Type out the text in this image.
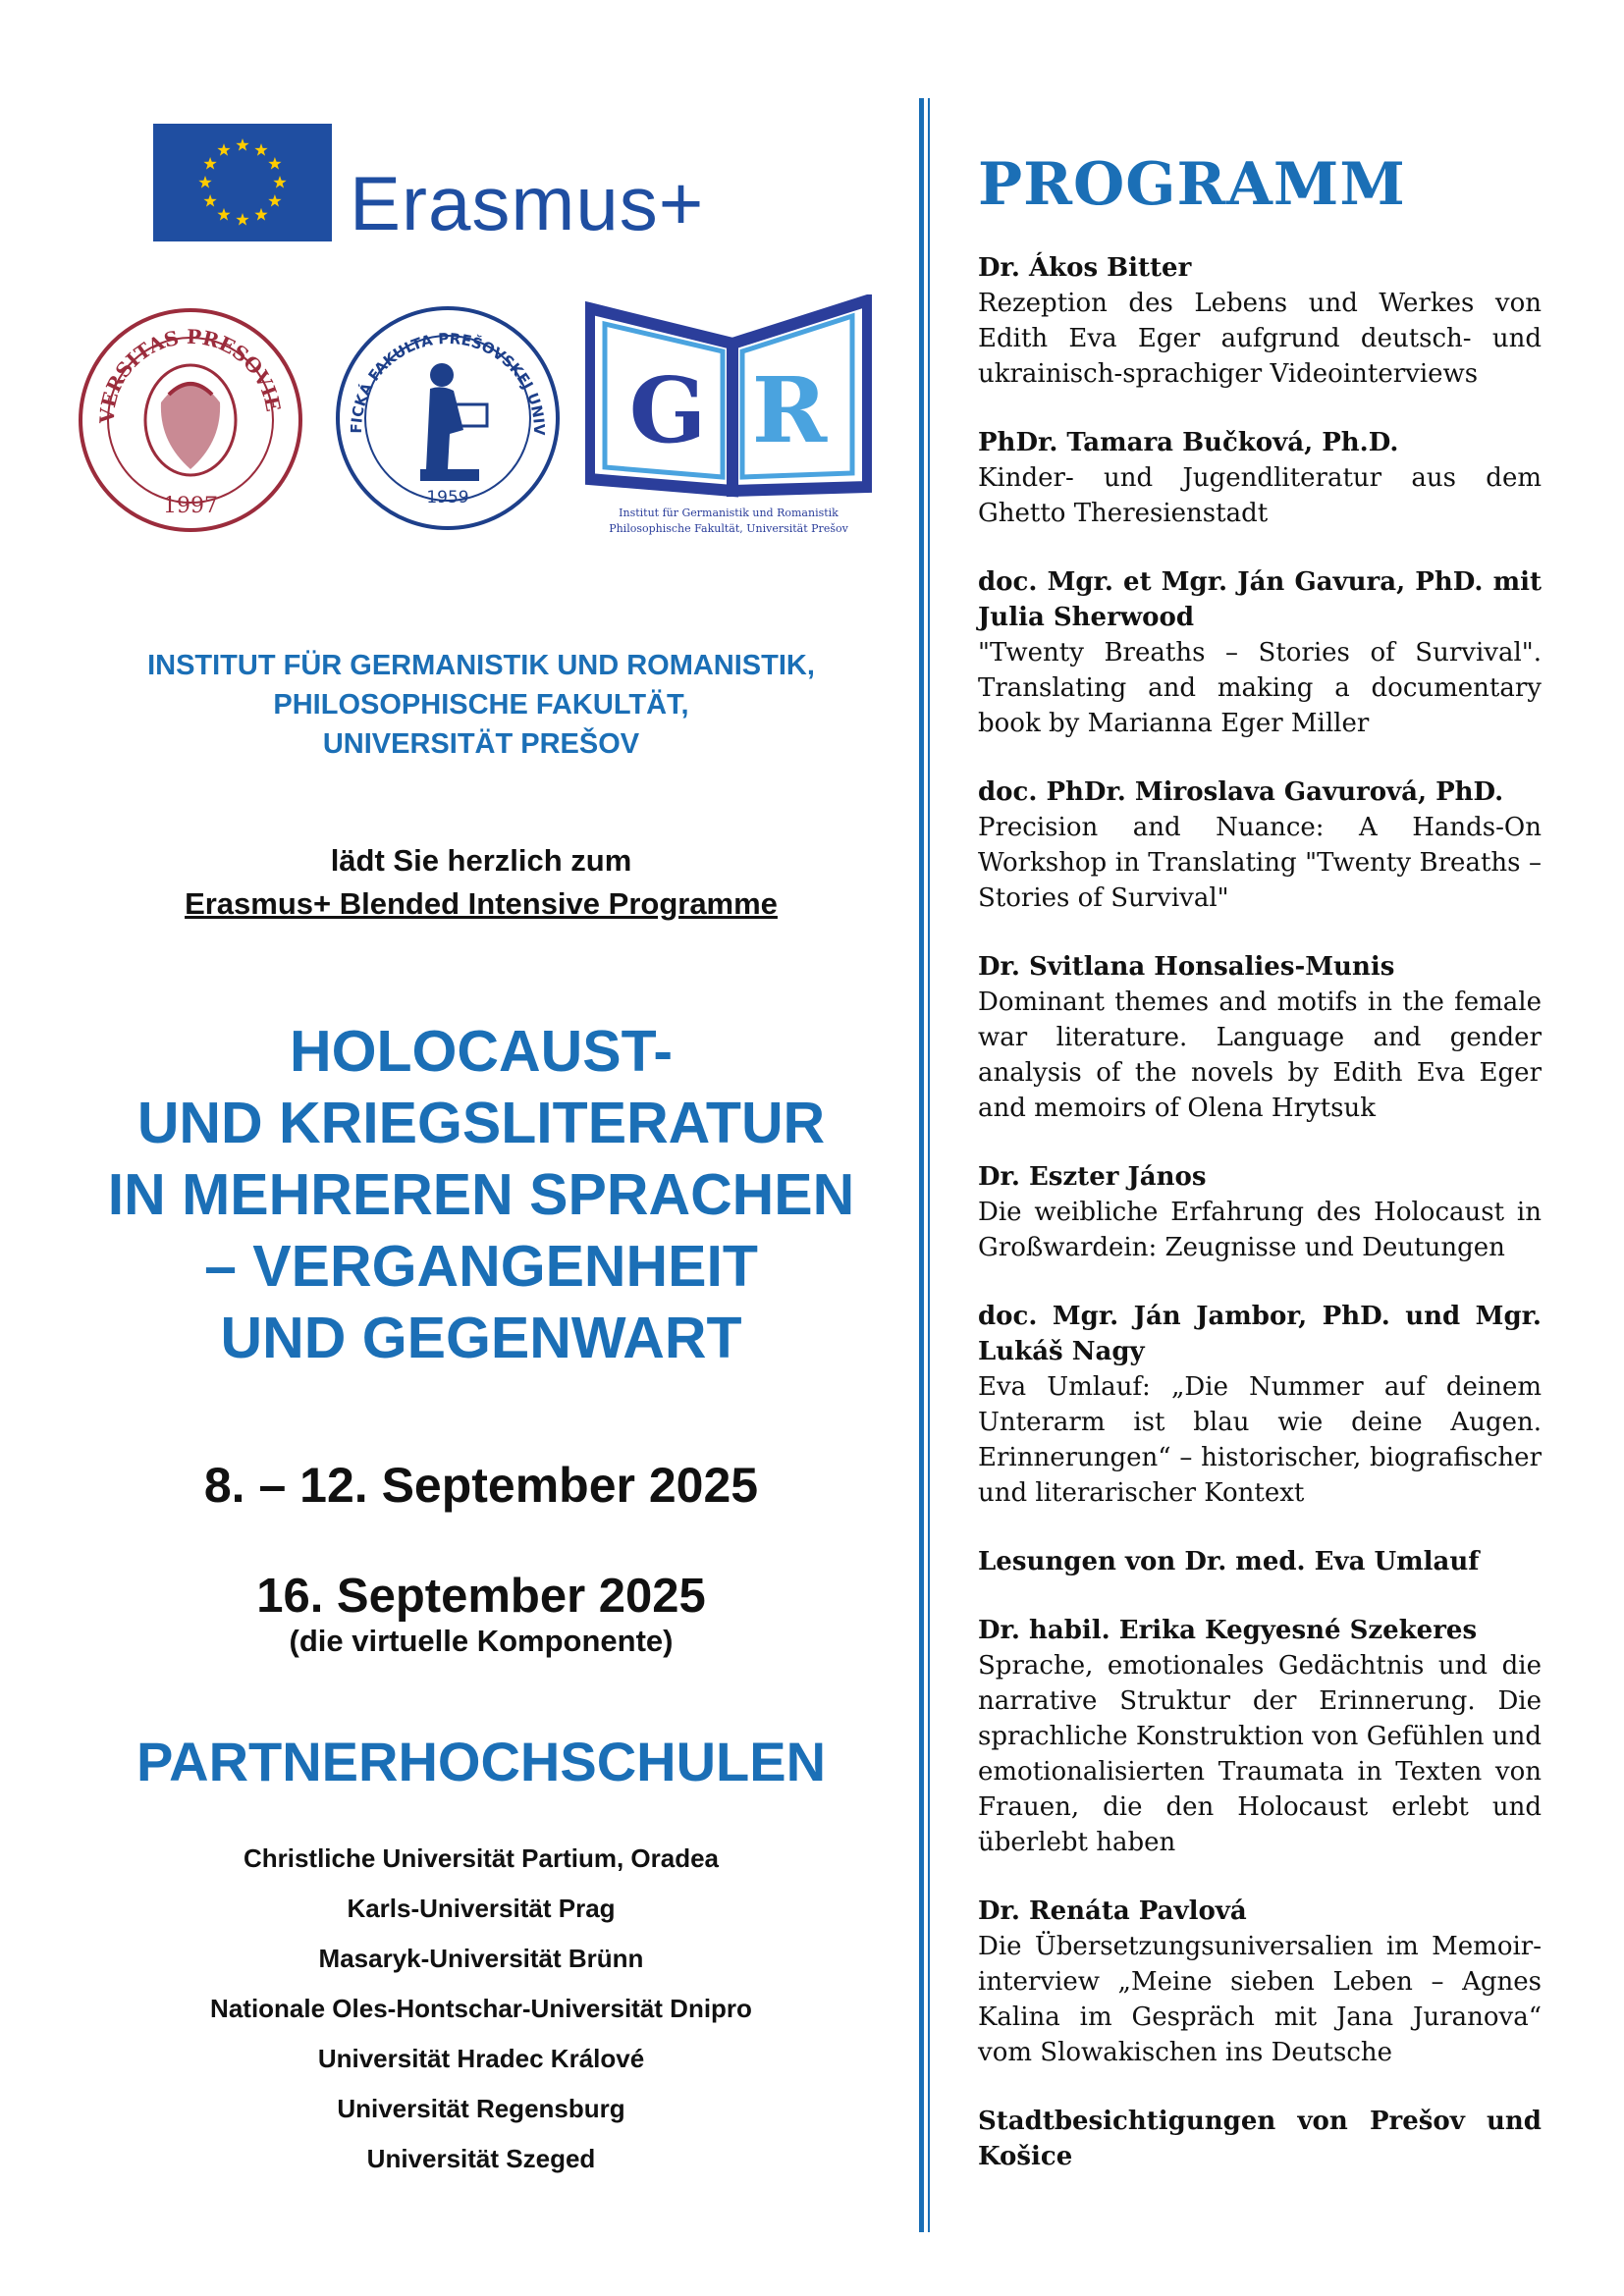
Erasmus+
VERSITAS PRESOVIE
1997
FICKÁ FAKULTA PREŠOVSKEJ UNIV
1959
G R
Institut für Germanistik und Romanistik
Philosophische Fakultät, Universität Prešov
INSTITUT FÜR GERMANISTIK UND ROMANISTIK,
PHILOSOPHISCHE FAKULTÄT,
UNIVERSITÄT PREŠOV
lädt Sie herzlich zum
Erasmus+ Blended Intensive Programme
HOLOCAUST-
UND KRIEGSLITERATUR
IN MEHREREN SPRACHEN
– VERGANGENHEIT
UND GEGENWART
8. – 12. September 2025
16. September 2025
(die virtuelle Komponente)
PARTNERHOCHSCHULEN
Christliche Universität Partium, Oradea
Karls-Universität Prag
Masaryk-Universität Brünn
Nationale Oles-Hontschar-Universität Dnipro
Universität Hradec Králové
Universität Regensburg
Universität Szeged
PROGRAMM
Dr. Ákos Bitter
Rezeption des Lebens und Werkes von Edith Eva Eger aufgrund deutsch- und ukrainisch-sprachiger Videointerviews
PhDr. Tamara Bučková, Ph.D.
Kinder- und Jugendliteratur aus dem Ghetto Theresienstadt
doc. Mgr. et Mgr. Ján Gavura, PhD. mit Julia Sherwood
"Twenty Breaths – Stories of Survival". Translating and making a documentary book by Marianna Eger Miller
doc. PhDr. Miroslava Gavurová, PhD.
Precision and Nuance: A Hands-On Workshop in Translating "Twenty Breaths – Stories of Survival"
Dr. Svitlana Honsalies-Munis
Dominant themes and motifs in the female war literature. Language and gender analysis of the novels by Edith Eva Eger and memoirs of Olena Hrytsuk
Dr. Eszter János
Die weibliche Erfahrung des Holocaust in Großwardein: Zeugnisse und Deutungen
doc. Mgr. Ján Jambor, PhD. und Mgr. Lukáš Nagy
Eva Umlauf: „Die Nummer auf deinem Unterarm ist blau wie deine Augen. Erinnerungen“ – historischer, biografischer und literarischer Kontext
Lesungen von Dr. med. Eva Umlauf
Dr. habil. Erika Kegyesné Szekeres
Sprache, emotionales Gedächtnis und die narrative Struktur der Erinnerung. Die sprachliche Konstruktion von Gefühlen und emotionalisierten Traumata in Texten von Frauen, die den Holocaust erlebt und überlebt haben
Dr. Renáta Pavlová
Die Übersetzungsuniversalien im Memoir-interview „Meine sieben Leben – Agnes Kalina im Gespräch mit Jana Juranova“ vom Slowakischen ins Deutsche
Stadtbesichtigungen von Prešov und Košice
